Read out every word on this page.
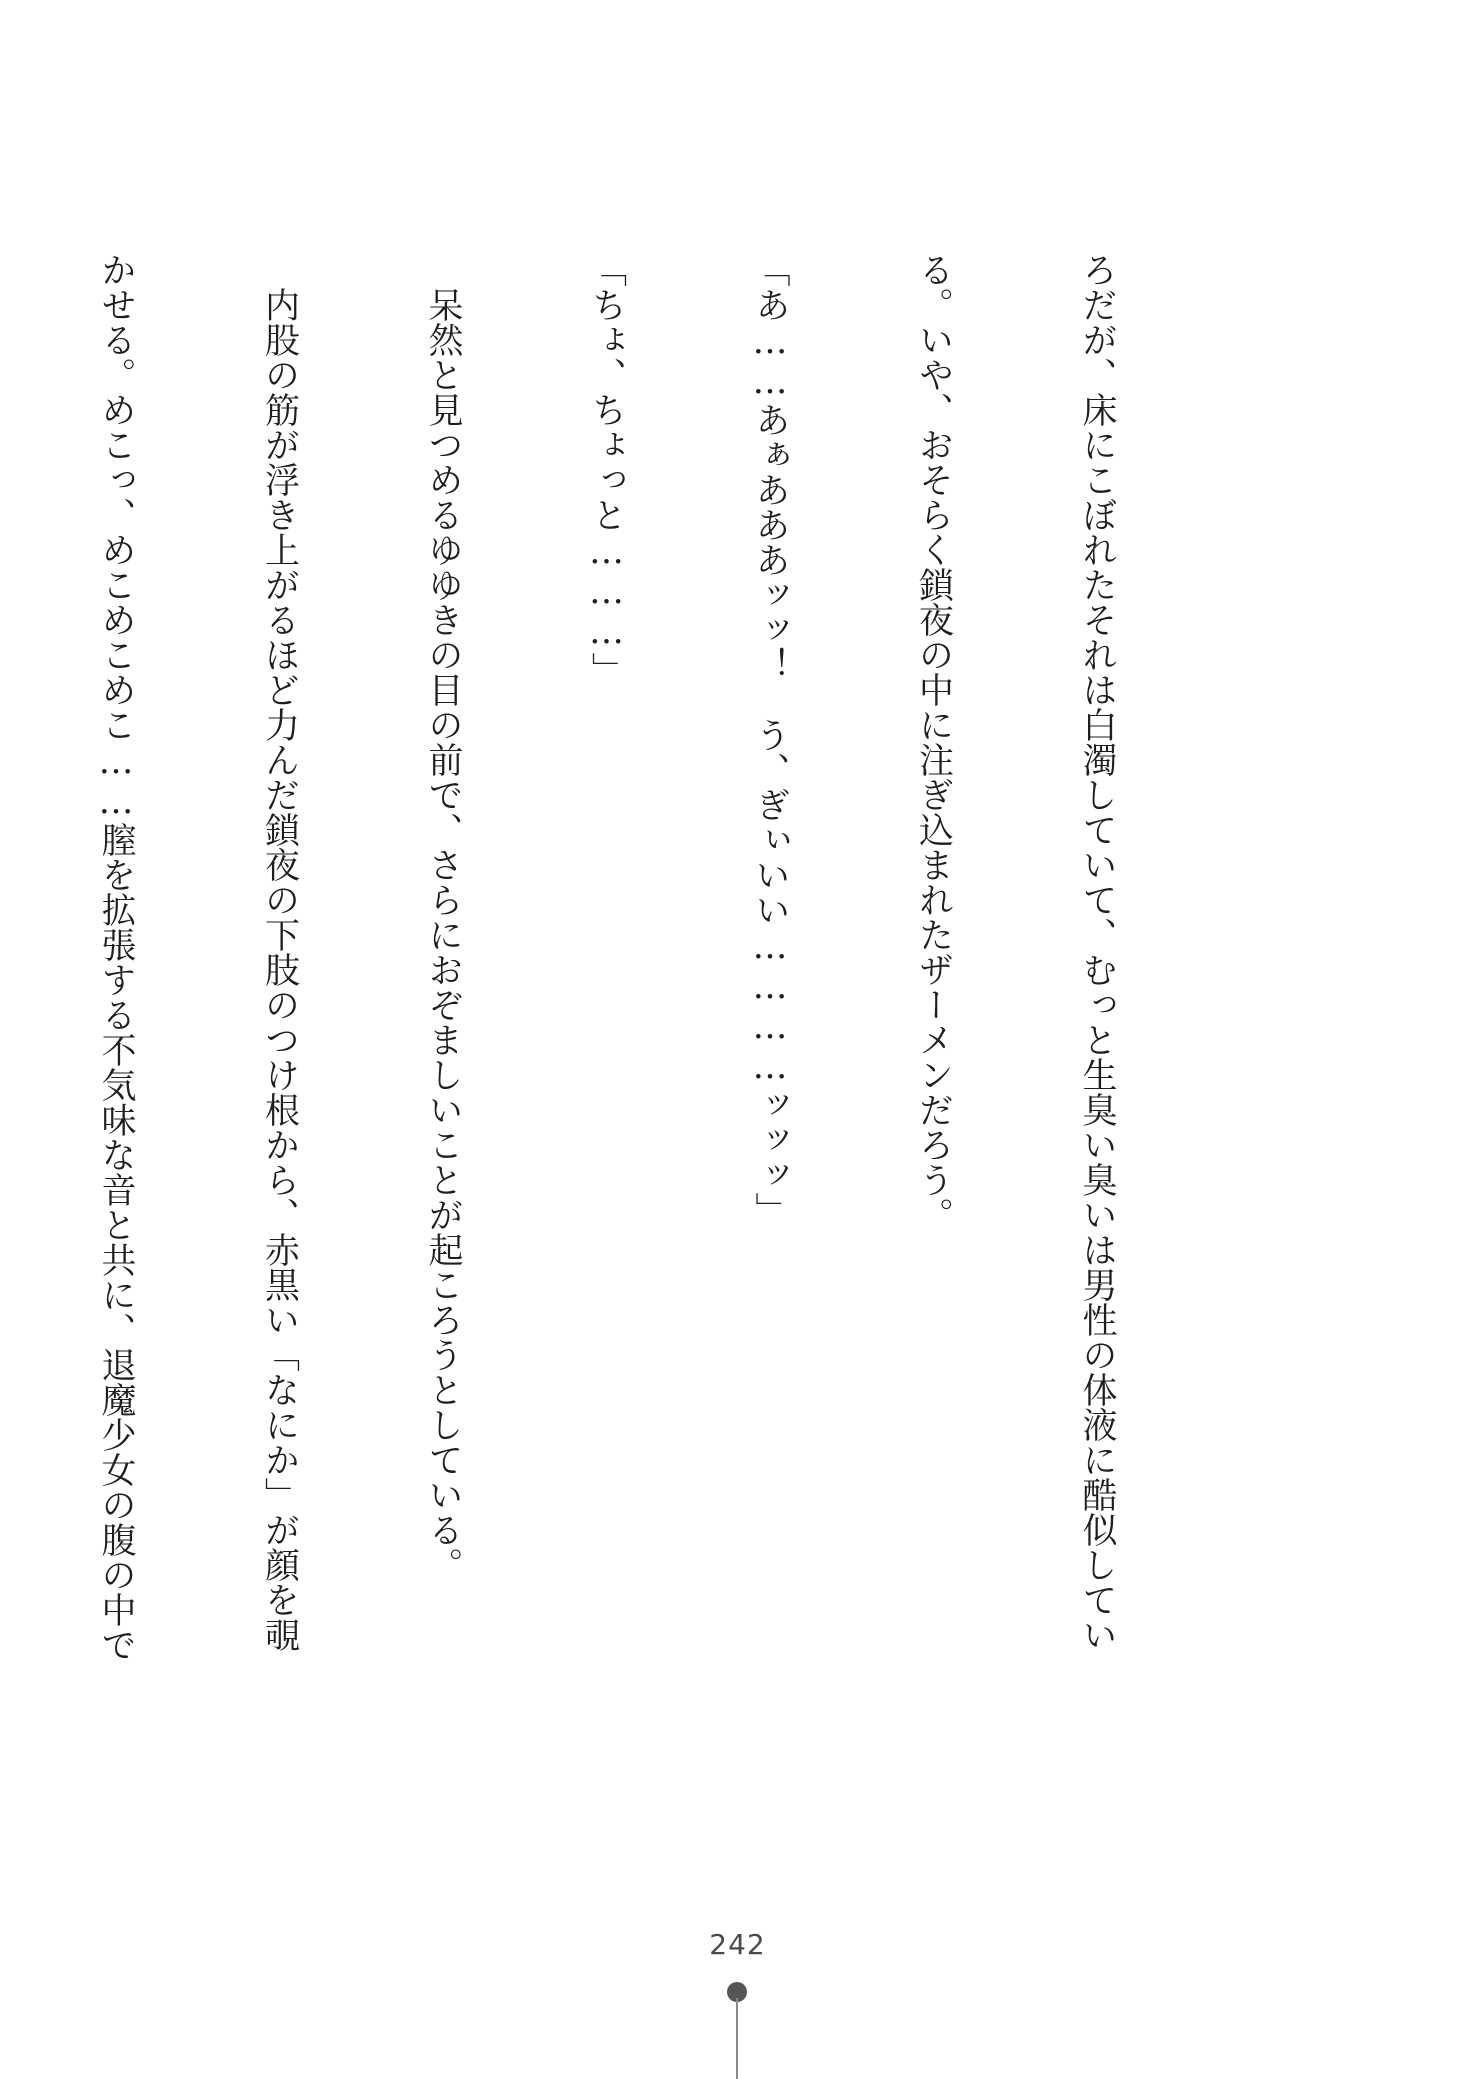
ろだが、床にこぼれたそれは白濁していて、むっと生臭い臭いは男性の体液に酷似してい

る。いや、おそらく鎖夜の中に注ぎ込まれたザーメンだろう。

「あ……あぁあああッッ！　う、ぎぃいい…………ッッッ」

「ちょ、ちょっと………」

　呆然と見つめるゆゆきの目の前で、さらにおぞましいことが起ころうとしている。

　内股の筋が浮き上がるほど力んだ鎖夜の下肢のつけ根から、赤黒い「なにか」が顔を覗

かせる。めこっ、めこめこめこ……膣を拡張する不気味な音と共に、退魔少女の腹の中で

242
